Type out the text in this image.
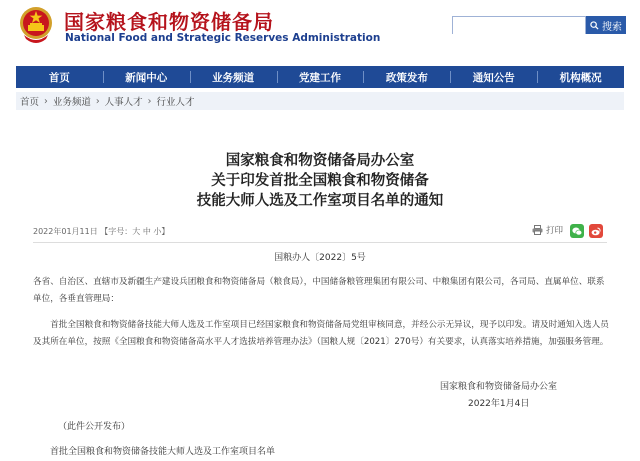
国家粮食和物资储备局
National Food and Strategic Reserves Administration
搜索
首页	新闻中心	业务频道	党建工作	政策发布	通知公告	机构概况
首页 › 业务频道 › 人事人才 › 行业人才
国家粮食和物资储备局办公室
关于印发首批全国粮食和物资储备
技能大师人选及工作室项目名单的通知
2022年01月11日 【字号：大 中 小】	打印
国粮办人〔2022〕5号
各省、自治区、直辖市及新疆生产建设兵团粮食和物资储备局（粮食局），中国储备粮管理集团有限公司、中粮集团有限公司，各司局、直属单位、联系单位，各垂直管理局：
首批全国粮食和物资储备技能大师人选及工作室项目已经国家粮食和物资储备局党组审核同意，并经公示无异议，现予以印发。请及时通知入选人员及其所在单位，按照《全国粮食和物资储备高水平人才选拔培养管理办法》（国粮人规〔2021〕270号）有关要求，认真落实培养措施，加强服务管理。
国家粮食和物资储备局办公室
2022年1月4日
（此件公开发布）
首批全国粮食和物资储备技能大师人选及工作室项目名单
